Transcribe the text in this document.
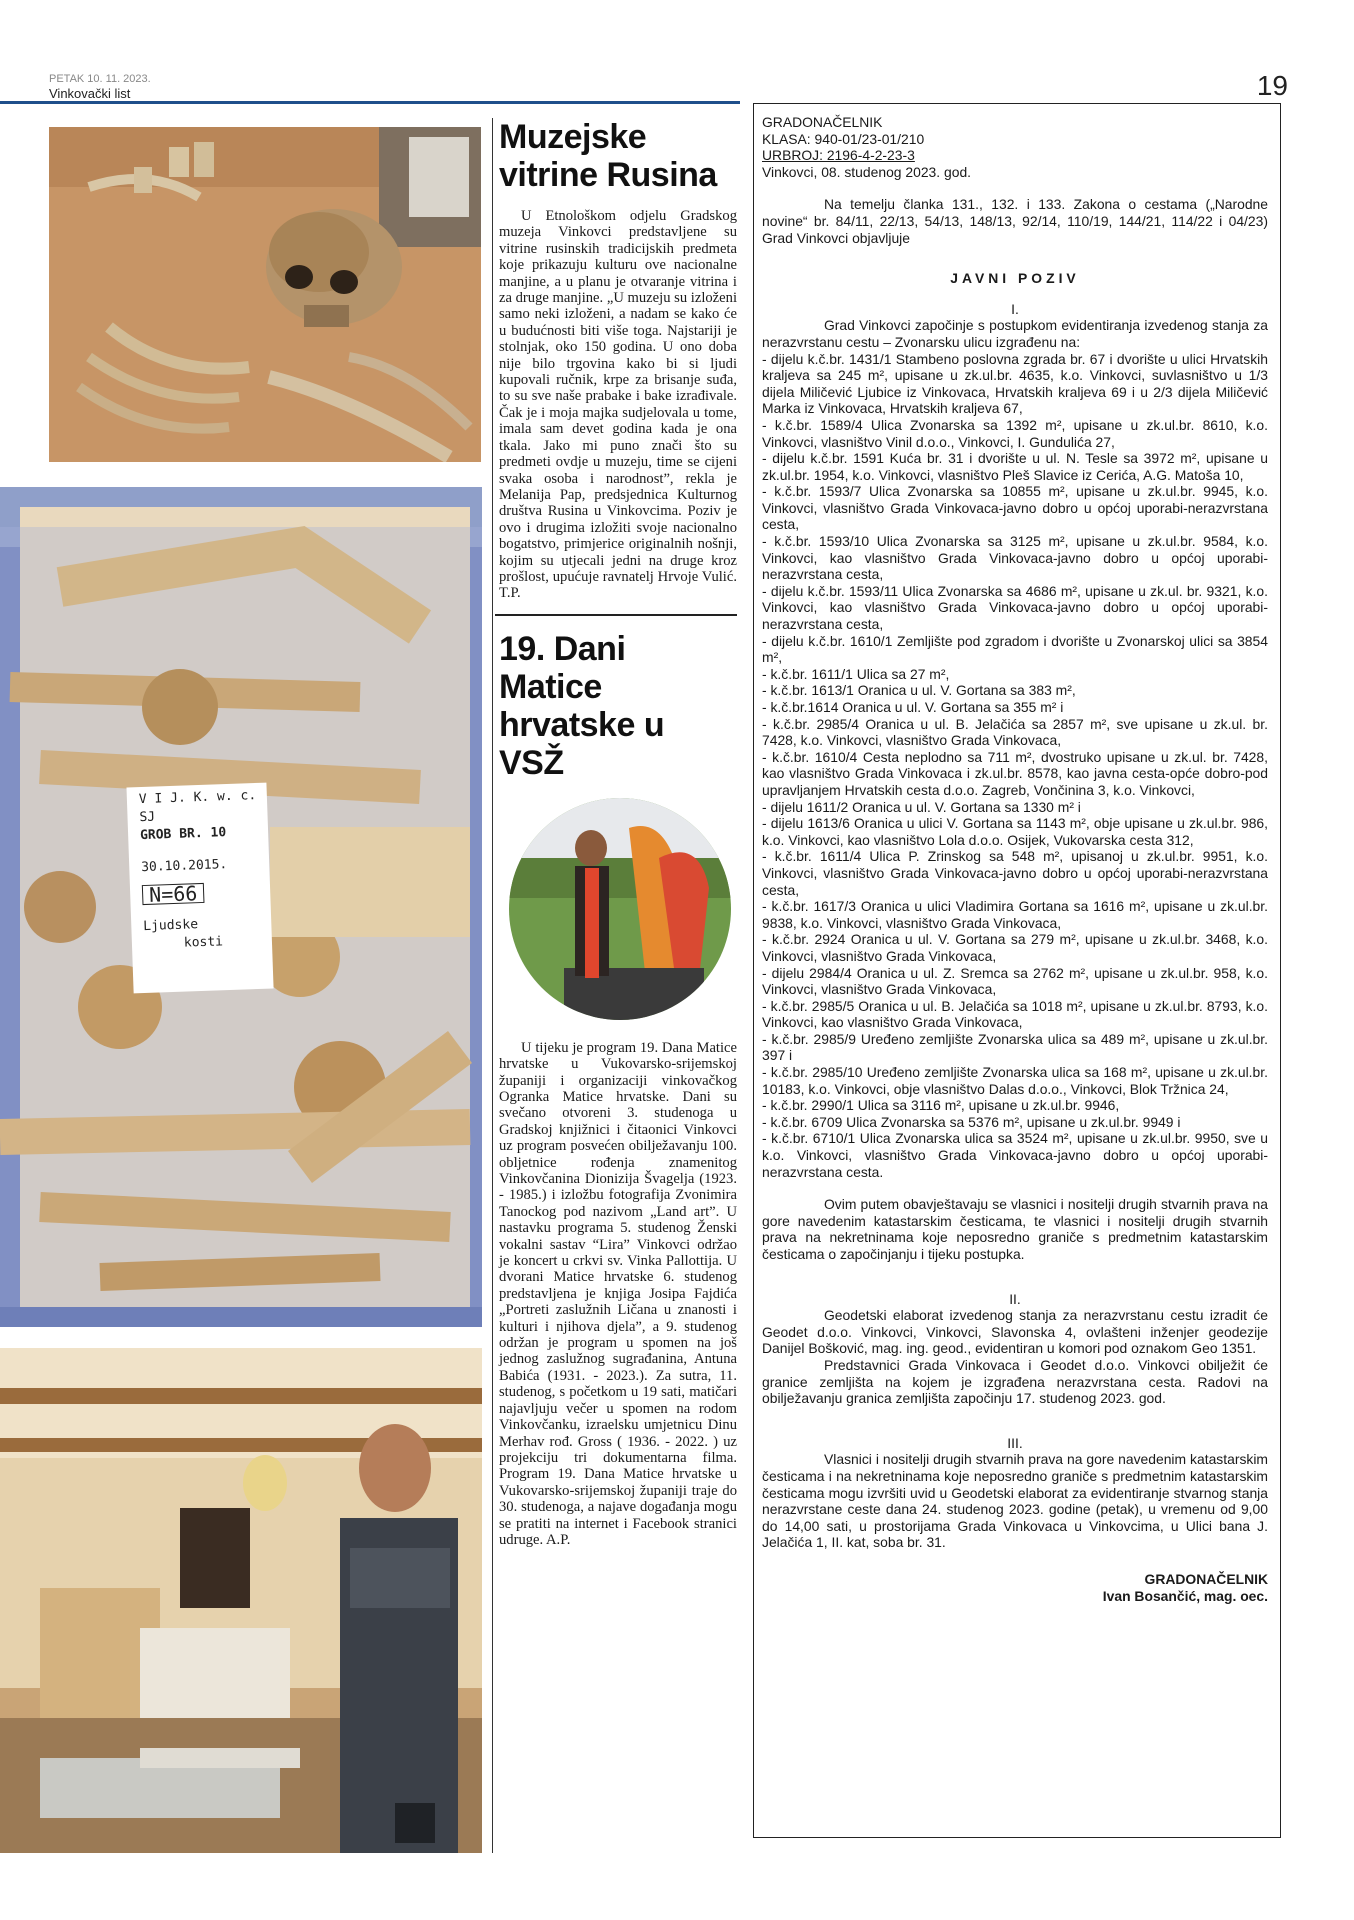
PETAK 10. 11. 2023.
Vinkovački list	19
V I J. K. w. c.
SJ
GROB BR. 10
30.10.2015.
N=66
Ljudske
kosti
Muzejske vitrine Rusina

U Etnološkom odjelu Gradskog muzeja Vinkovci predstavljene su vitrine rusinskih tradicijskih predmeta koje prikazuju kulturu ove nacionalne manjine, a u planu je otvaranje vitrina i za druge manjine. „U muzeju su izloženi samo neki izloženi, a nadam se kako će u budućnosti biti više toga. Najstariji je stolnjak, oko 150 godina. U ono doba nije bilo trgovina kako bi si ljudi kupovali ručnik, krpe za brisanje suđa, to su sve naše prabake i bake izrađivale. Čak je i moja majka sudjelovala u tome, imala sam devet godina kada je ona tkala. Jako mi puno znači što su predmeti ovdje u muzeju, time se cijeni svaka osoba i narodnost”, rekla je Melanija Pap, predsjednica Kulturnog društva Rusina u Vinkovcima. Poziv je ovo i drugima izložiti svoje nacionalno bogatstvo, primjerice originalnih nošnji, kojim su utjecali jedni na druge kroz prošlost, upućuje ravnatelj Hrvoje Vulić. T.P.

19. Dani Matice hrvatske u VSŽ

U tijeku je program 19. Dana Matice hrvatske u Vukovarsko-srijemskoj županiji i organizaciji vinkovačkog Ogranka Matice hrvatske. Dani su svečano otvoreni 3. studenoga u Gradskoj knjižnici i čitaonici Vinkovci uz program posvećen obilježavanju 100. obljetnice rođenja znamenitog Vinkovčanina Dionizija Švagelja (1923. - 1985.) i izložbu fotografija Zvonimira Tanockog pod nazivom „Land art”. U nastavku programa 5. studenog Ženski vokalni sastav “Lira” Vinkovci održao je koncert u crkvi sv. Vinka Pallottija. U dvorani Matice hrvatske 6. studenog predstavljena je knjiga Josipa Fajdića „Portreti zaslužnih Ličana u znanosti i kulturi i njihova djela”, a 9. studenog održan je program u spomen na još jednog zaslužnog sugrađanina, Antuna Babića (1931. - 2023.). Za sutra, 11. studenog, s početkom u 19 sati, matičari najavljuju večer u spomen na rodom Vinkovčanku, izraelsku umjetnicu Dinu Merhav rođ. Gross ( 1936. - 2022. ) uz projekciju tri dokumentarna filma. Program 19. Dana Matice hrvatske u Vukovarsko-srijemskoj županiji traje do 30. studenoga, a najave događanja mogu se pratiti na internet i Facebook stranici udruge. A.P.

GRADONAČELNIK
KLASA: 940-01/23-01/210
URBROJ: 2196-4-2-23-3
Vinkovci, 08. studenog 2023. god.

Na temelju članka 131., 132. i 133. Zakona o cestama („Narodne novine“ br. 84/11, 22/13, 54/13, 148/13, 92/14, 110/19, 144/21, 114/22 i 04/23) Grad Vinkovci objavljuje

JAVNI POZIV
I.

Grad Vinkovci započinje s postupkom evidentiranja izvedenog stanja za nerazvrstanu cestu – Zvonarsku ulicu izgrađenu na:

- dijelu k.č.br. 1431/1 Stambeno poslovna zgrada br. 67 i dvorište u ulici Hrvatskih kraljeva sa 245 m², upisane u zk.ul.br. 4635, k.o. Vinkovci, suvlasništvo u 1/3 dijela Miličević Ljubice iz Vinkovaca, Hrvatskih kraljeva 69 i u 2/3 dijela Miličević Marka iz Vinkovaca, Hrvatskih kraljeva 67,
- k.č.br. 1589/4 Ulica Zvonarska sa 1392 m², upisane u zk.ul.br. 8610, k.o. Vinkovci, vlasništvo Vinil d.o.o., Vinkovci, I. Gundulića 27,
- dijelu k.č.br. 1591 Kuća br. 31 i dvorište u ul. N. Tesle sa 3972 m², upisane u zk.ul.br. 1954, k.o. Vinkovci, vlasništvo Pleš Slavice iz Cerića, A.G. Matoša 10,
- k.č.br. 1593/7 Ulica Zvonarska sa 10855 m², upisane u zk.ul.br. 9945, k.o. Vinkovci, vlasništvo Grada Vinkovaca-javno dobro u općoj uporabi-nerazvrstana cesta,
- k.č.br. 1593/10 Ulica Zvonarska sa 3125 m², upisane u zk.ul.br. 9584, k.o. Vinkovci, kao vlasništvo Grada Vinkovaca-javno dobro u općoj uporabi-nerazvrstana cesta,
- dijelu k.č.br. 1593/11 Ulica Zvonarska sa 4686 m², upisane u zk.ul. br. 9321, k.o. Vinkovci, kao vlasništvo Grada Vinkovaca-javno dobro u općoj uporabi-nerazvrstana cesta,
- dijelu k.č.br. 1610/1 Zemljište pod zgradom i dvorište u Zvonarskoj ulici sa 3854 m²,
- k.č.br. 1611/1 Ulica sa 27 m²,
- k.č.br. 1613/1 Oranica u ul. V. Gortana sa 383 m²,
- k.č.br.1614 Oranica u ul. V. Gortana sa 355 m² i
- k.č.br. 2985/4 Oranica u ul. B. Jelačića sa 2857 m², sve upisane u zk.ul. br. 7428, k.o. Vinkovci, vlasništvo Grada Vinkovaca,
- k.č.br. 1610/4 Cesta neplodno sa 711 m², dvostruko upisane u zk.ul. br. 7428, kao vlasništvo Grada Vinkovaca i zk.ul.br. 8578, kao javna cesta-opće dobro-pod upravljanjem Hrvatskih cesta d.o.o. Zagreb, Vončinina 3, k.o. Vinkovci,
- dijelu 1611/2 Oranica u ul. V. Gortana sa 1330 m² i
- dijelu 1613/6 Oranica u ulici V. Gortana sa 1143 m², obje upisane u zk.ul.br. 986, k.o. Vinkovci, kao vlasništvo Lola d.o.o. Osijek, Vukovarska cesta 312,
- k.č.br. 1611/4 Ulica P. Zrinskog sa 548 m², upisanoj u zk.ul.br. 9951, k.o. Vinkovci, vlasništvo Grada Vinkovaca-javno dobro u općoj uporabi-nerazvrstana cesta,
- k.č.br. 1617/3 Oranica u ulici Vladimira Gortana sa 1616 m², upisane u zk.ul.br. 9838, k.o. Vinkovci, vlasništvo Grada Vinkovaca,
- k.č.br. 2924 Oranica u ul. V. Gortana sa 279 m², upisane u zk.ul.br. 3468, k.o. Vinkovci, vlasništvo Grada Vinkovaca,
- dijelu 2984/4 Oranica u ul. Z. Sremca sa 2762 m², upisane u zk.ul.br. 958, k.o. Vinkovci, vlasništvo Grada Vinkovaca,
- k.č.br. 2985/5 Oranica u ul. B. Jelačića sa 1018 m², upisane u zk.ul.br. 8793, k.o. Vinkovci, kao vlasništvo Grada Vinkovaca,
- k.č.br. 2985/9 Uređeno zemljište Zvonarska ulica sa 489 m², upisane u zk.ul.br. 397 i
- k.č.br. 2985/10 Uređeno zemljište Zvonarska ulica sa 168 m², upisane u zk.ul.br. 10183, k.o. Vinkovci, obje vlasništvo Dalas d.o.o., Vinkovci, Blok Tržnica 24,
- k.č.br. 2990/1 Ulica sa 3116 m², upisane u zk.ul.br. 9946,
- k.č.br. 6709 Ulica Zvonarska sa 5376 m², upisane u zk.ul.br. 9949 i
- k.č.br. 6710/1 Ulica Zvonarska ulica sa 3524 m², upisane u zk.ul.br. 9950, sve u k.o. Vinkovci, vlasništvo Grada Vinkovaca-javno dobro u općoj uporabi- nerazvrstana cesta.

Ovim putem obavještavaju se vlasnici i nositelji drugih stvarnih prava na gore navedenim katastarskim česticama, te vlasnici i nositelji drugih stvarnih prava na nekretninama koje neposredno graniče s predmetnim katastarskim česticama o započinjanju i tijeku postupka.

II.

Geodetski elaborat izvedenog stanja za nerazvrstanu cestu izradit će Geodet d.o.o. Vinkovci, Vinkovci, Slavonska 4, ovlašteni inženjer geodezije Danijel Bošković, mag. ing. geod., evidentiran u komori pod oznakom Geo 1351.

Predstavnici Grada Vinkovaca i Geodet d.o.o. Vinkovci obilježit će granice zemljišta na kojem je izgrađena nerazvrstana cesta. Radovi na obilježavanju granica zemljišta započinju 17. studenog 2023. god.

III.

Vlasnici i nositelji drugih stvarnih prava na gore navedenim katastarskim česticama i na nekretninama koje neposredno graniče s predmetnim katastarskim česticama mogu izvršiti uvid u Geodetski elaborat za evidentiranje stvarnog stanja nerazvrstane ceste dana 24. studenog 2023. godine (petak), u vremenu od 9,00 do 14,00 sati, u prostorijama Grada Vinkovaca u Vinkovcima, u Ulici bana J. Jelačića 1, II. kat, soba br. 31.

GRADONAČELNIK
Ivan Bosančić, mag. oec.
